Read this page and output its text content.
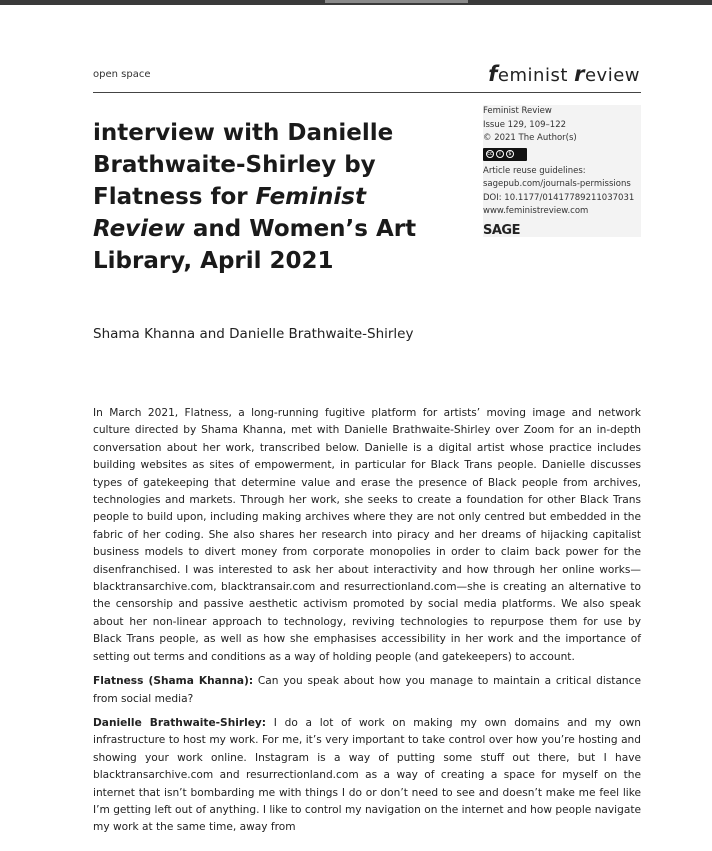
open space	feminist review
interview with Danielle Brathwaite-Shirley by Flatness for Feminist Review and Women’s Art Library, April 2021
Feminist Review
Issue 129, 109–122
© 2021 The Author(s)
cc	i	$
Article reuse guidelines:
sagepub.com/journals-permissions
DOI: 10.1177/01417789211037031
www.feministreview.com
SAGE
Shama Khanna and Danielle Brathwaite-Shirley

In March 2021, Flatness, a long-running fugitive platform for artists’ moving image and network culture directed by Shama Khanna, met with Danielle Brathwaite-Shirley over Zoom for an in-depth conversation about her work, transcribed below. Danielle is a digital artist whose practice includes building websites as sites of empowerment, in particular for Black Trans people. Danielle discusses types of gatekeeping that determine value and erase the presence of Black people from archives, technologies and markets. Through her work, she seeks to create a foundation for other Black Trans people to build upon, including making archives where they are not only centred but embedded in the fabric of her coding. She also shares her research into piracy and her dreams of hijacking capitalist business models to divert money from corporate monopolies in order to claim back power for the disenfranchised. I was interested to ask her about interactivity and how through her online works—blacktransarchive.com, blacktransair.com and resurrectionland.com—she is creating an alternative to the censorship and passive aesthetic activism promoted by social media platforms. We also speak about her non-linear approach to technology, reviving technologies to repurpose them for use by Black Trans people, as well as how she emphasises accessibility in her work and the importance of setting out terms and conditions as a way of holding people (and gatekeepers) to account.

Flatness (Shama Khanna): Can you speak about how you manage to maintain a critical distance from social media?

Danielle Brathwaite-Shirley: I do a lot of work on making my own domains and my own infrastructure to host my work. For me, it’s very important to take control over how you’re hosting and showing your work online. Instagram is a way of putting some stuff out there, but I have blacktransarchive.com and resurrectionland.com as a way of creating a space for myself on the internet that isn’t bombarding me with things I do or don’t need to see and doesn’t make me feel like I’m getting left out of anything. I like to control my navigation on the internet and how people navigate my work at the same time, away from
